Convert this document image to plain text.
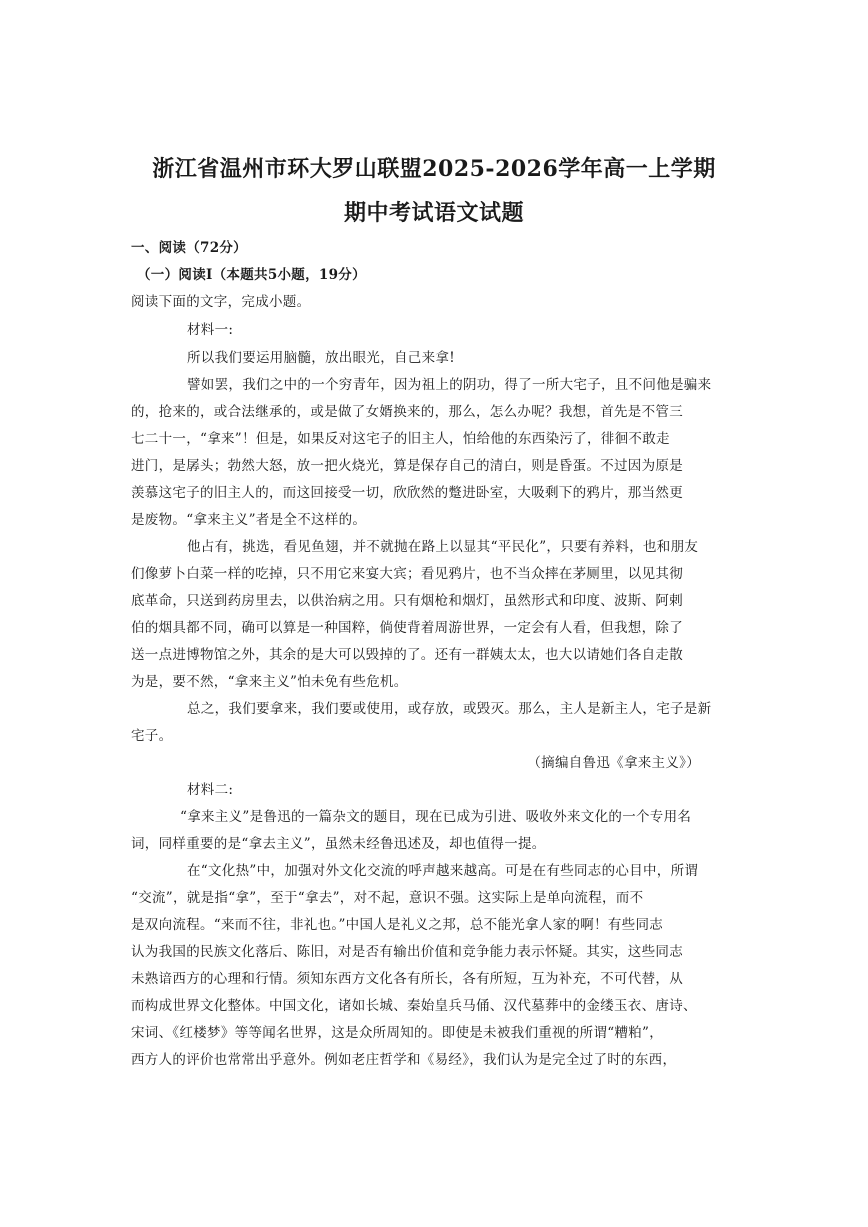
浙江省温州市环大罗山联盟2025-2026学年高一上学期
期中考试语文试题
一、阅读（72分）
（一）阅读Ⅰ（本题共5小题，19分）
阅读下面的文字，完成小题。
材料一:
所以我们要运用脑髓，放出眼光，自己来拿!
譬如罢，我们之中的一个穷青年，因为祖上的阴功，得了一所大宅子，且不问他是骗来
的，抢来的，或合法继承的，或是做了女婿换来的，那么，怎么办呢？我想，首先是不管三
七二十一，“拿来”！但是，如果反对这宅子的旧主人，怕给他的东西染污了，徘徊不敢走
进门，是孱头；勃然大怒，放一把火烧光，算是保存自己的清白，则是昏蛋。不过因为原是
羡慕这宅子的旧主人的，而这回接受一切，欣欣然的蹩进卧室，大吸剩下的鸦片，那当然更
是废物。“拿来主义”者是全不这样的。
他占有，挑选，看见鱼翅，并不就抛在路上以显其“平民化”，只要有养料，也和朋友
们像萝卜白菜一样的吃掉，只不用它来宴大宾；看见鸦片，也不当众摔在茅厕里，以见其彻
底革命，只送到药房里去，以供治病之用。只有烟枪和烟灯，虽然形式和印度、波斯、阿剌
伯的烟具都不同，确可以算是一种国粹，倘使背着周游世界，一定会有人看，但我想，除了
送一点进博物馆之外，其余的是大可以毁掉的了。还有一群姨太太，也大以请她们各自走散
为是，要不然，“拿来主义”怕未免有些危机。
总之，我们要拿来，我们要或使用，或存放，或毁灭。那么，主人是新主人，宅子是新
宅子。
（摘编自鲁迅《拿来主义》）
材料二:
“拿来主义”是鲁迅的一篇杂文的题目，现在已成为引进、吸收外来文化的一个专用名
词，同样重要的是“拿去主义”，虽然未经鲁迅述及，却也值得一提。
在“文化热”中，加强对外文化交流的呼声越来越高。可是在有些同志的心目中，所谓
“交流”，就是指“拿”，至于“拿去”，对不起，意识不强。这实际上是单向流程，而不
是双向流程。“来而不往，非礼也。”中国人是礼义之邦，总不能光拿人家的啊！有些同志
认为我国的民族文化落后、陈旧，对是否有输出价值和竞争能力表示怀疑。其实，这些同志
未熟谙西方的心理和行情。须知东西方文化各有所长，各有所短，互为补充，不可代替，从
而构成世界文化整体。中国文化，诸如长城、秦始皇兵马俑、汉代墓葬中的金缕玉衣、唐诗、
宋词、《红楼梦》等等闻名世界，这是众所周知的。即使是未被我们重视的所谓“糟粕”，
西方人的评价也常常出乎意外。例如老庄哲学和《易经》，我们认为是完全过了时的东西，
